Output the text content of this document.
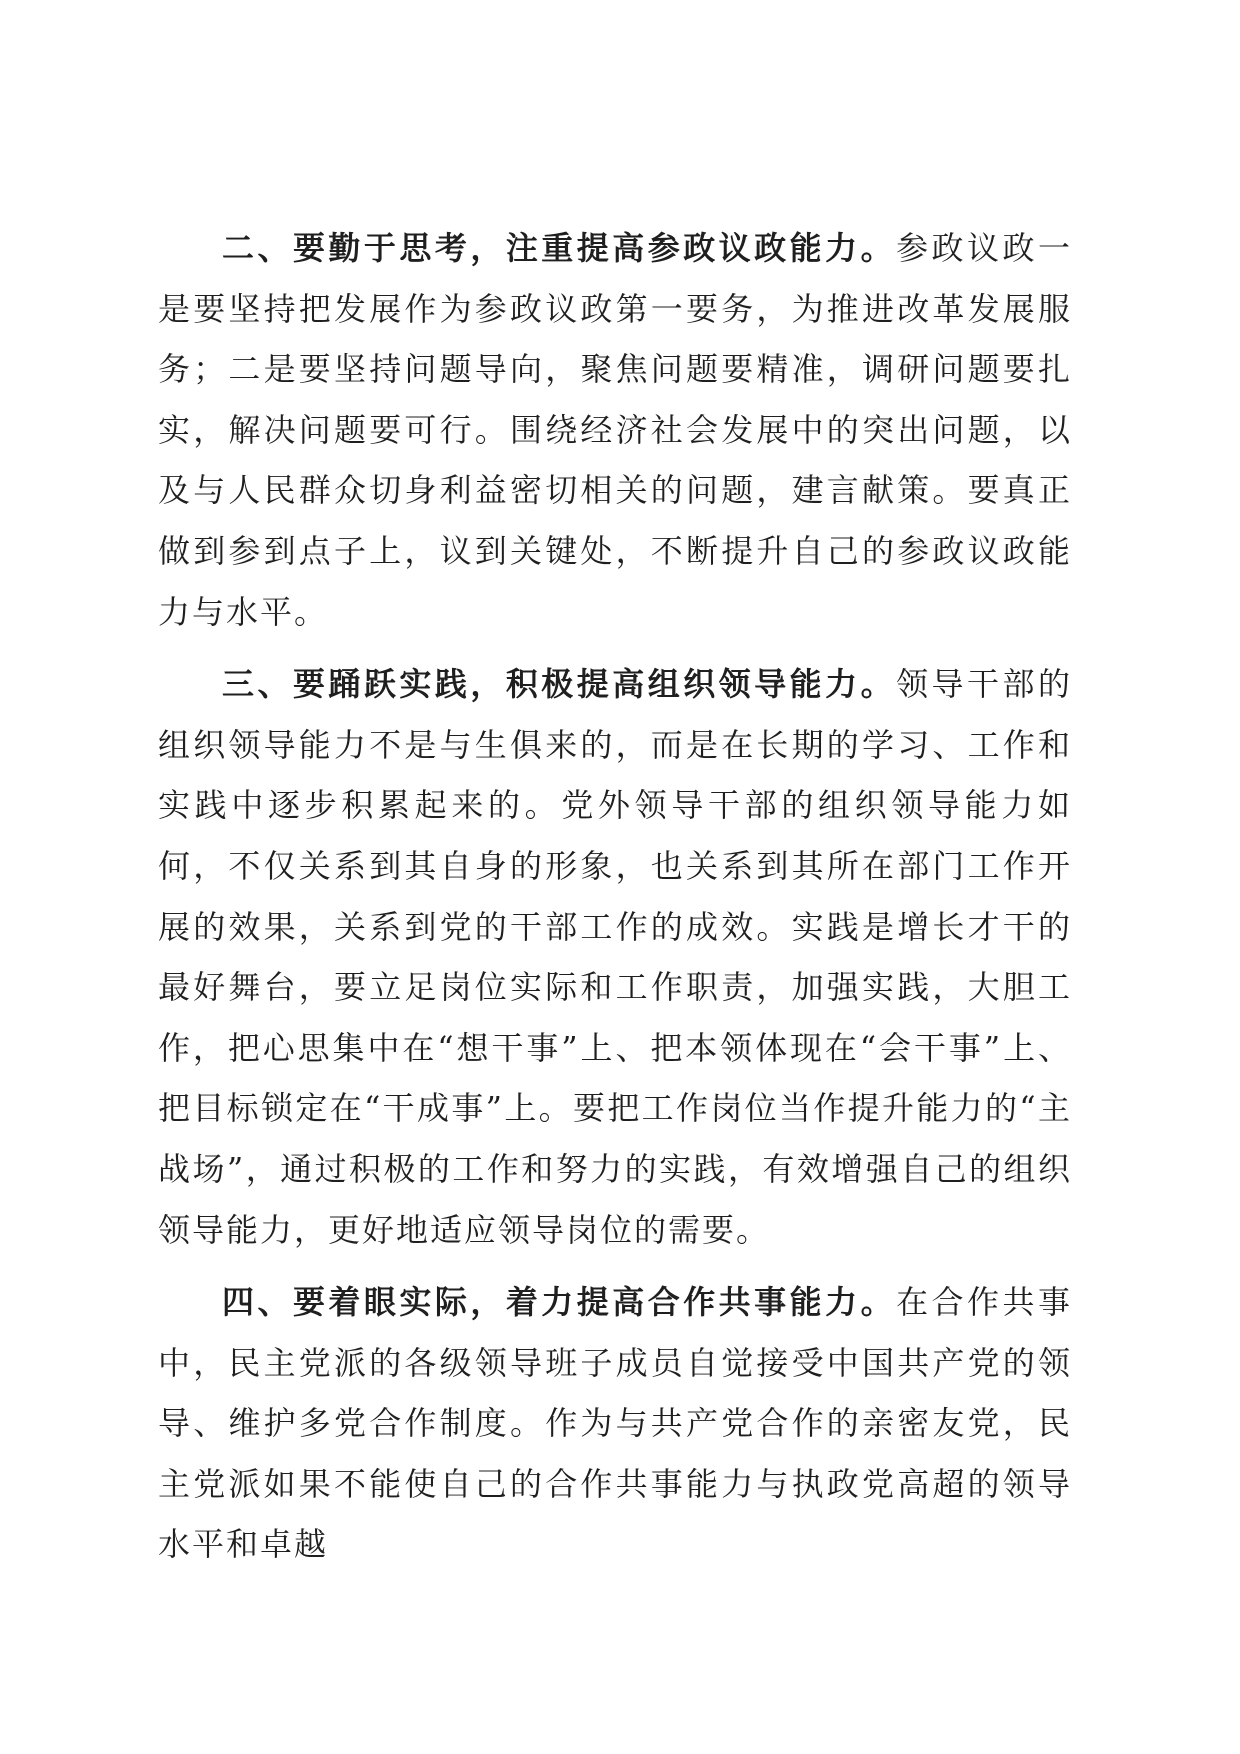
二、要勤于思考，注重提高参政议政能力。参政议政一是要坚持把发展作为参政议政第一要务，为推进改革发展服务；二是要坚持问题导向，聚焦问题要精准，调研问题要扎实，解决问题要可行。围绕经济社会发展中的突出问题，以及与人民群众切身利益密切相关的问题，建言献策。要真正做到参到点子上，议到关键处，不断提升自己的参政议政能力与水平。

三、要踊跃实践，积极提高组织领导能力。领导干部的组织领导能力不是与生俱来的，而是在长期的学习、工作和实践中逐步积累起来的。党外领导干部的组织领导能力如何，不仅关系到其自身的形象，也关系到其所在部门工作开展的效果，关系到党的干部工作的成效。实践是增长才干的最好舞台，要立足岗位实际和工作职责，加强实践，大胆工作，把心思集中在“想干事”上、把本领体现在“会干事”上、把目标锁定在“干成事”上。要把工作岗位当作提升能力的“主战场”，通过积极的工作和努力的实践，有效增强自己的组织领导能力，更好地适应领导岗位的需要。

四、要着眼实际，着力提高合作共事能力。在合作共事中，民主党派的各级领导班子成员自觉接受中国共产党的领导、维护多党合作制度。作为与共产党合作的亲密友党，民主党派如果不能使自己的合作共事能力与执政党高超的领导水平和卓越
